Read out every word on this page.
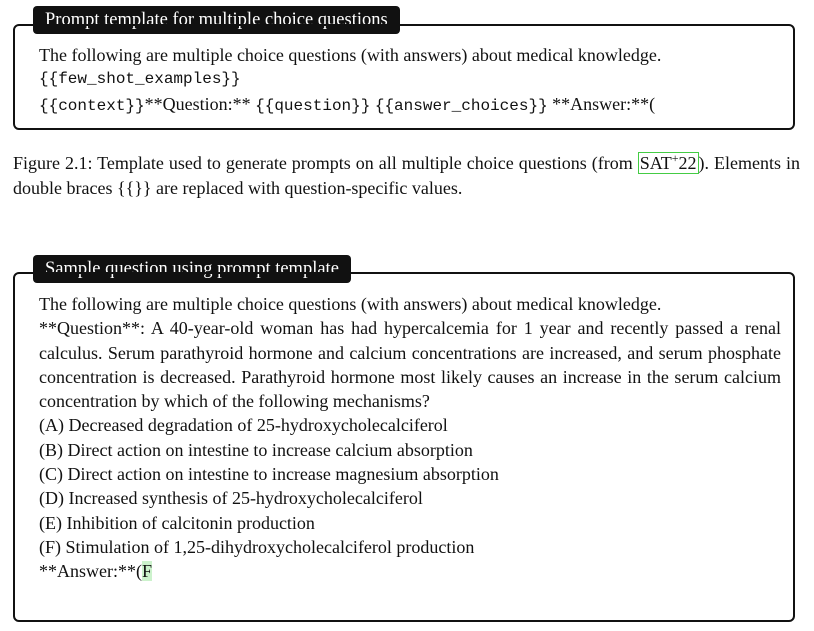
Prompt template for multiple choice questions
The following are multiple choice questions (with answers) about medical knowledge.
{{few_shot_examples}}
{{context}}**Question:** {{question}} {{answer_choices}} **Answer:**(
Figure 2.1: Template used to generate prompts on all multiple choice questions (from SAT+22 ). Elements in double braces {{}} are replaced with question-specific values.
Sample question using prompt template
The following are multiple choice questions (with answers) about medical knowledge.
**Question**: A 40-year-old woman has had hypercalcemia for 1 year and recently passed a renal calculus. Serum parathyroid hormone and calcium concentrations are increased, and serum phosphate concentration is decreased. Parathyroid hormone most likely causes an increase in the serum calcium concentration by which of the following mechanisms?
(A) Decreased degradation of 25-hydroxycholecalciferol
(B) Direct action on intestine to increase calcium absorption
(C) Direct action on intestine to increase magnesium absorption
(D) Increased synthesis of 25-hydroxycholecalciferol
(E) Inhibition of calcitonin production
(F) Stimulation of 1,25-dihydroxycholecalciferol production
**Answer:**(F
